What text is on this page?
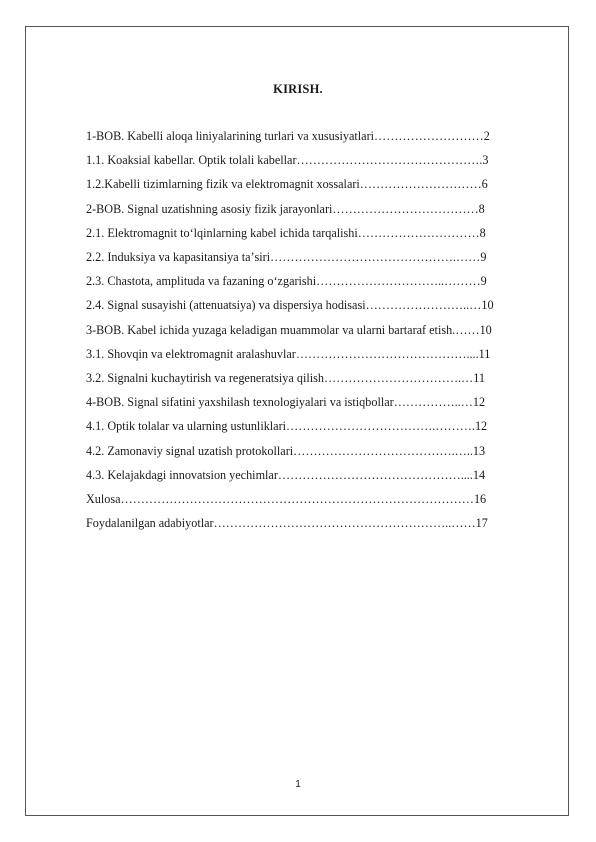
KIRISH.
1-BOB. Kabelli aloqa liniyalarining turlari va xususiyatlari………………………2
1.1. Koaksial kabellar. Optik tolali kabellar……………………………………….3
1.2.Kabelli tizimlarning fizik va elektromagnit xossalari…………………………6
2-BOB. Signal uzatishning asosiy fizik jarayonlari………………………………8
2.1. Elektromagnit toʻlqinlarning kabel ichida tarqalishi…………………………8
2.2. Induksiya va kapasitansiya taʼsiri……………………………………….……9
2.3. Chastota, amplituda va fazaning oʻzgarishi…………………………..………9
2.4. Signal susayishi (attenuatsiya) va dispersiya hodisasi……………………..…10
3-BOB. Kabel ichida yuzaga keladigan muammolar va ularni bartaraf etish.……10
3.1. Shovqin va elektromagnit aralashuvlar……………………………………....11
3.2. Signalni kuchaytirish va regeneratsiya qilish…………………………….…11
4-BOB. Signal sifatini yaxshilash texnologiyalari va istiqbollar……………..…12
4.1. Optik tolalar va ularning ustunliklari……………………………….……….12
4.2. Zamonaviy signal uzatish protokollari………………………………….…..13
4.3. Kelajakdagi innovatsion yechimlar………………………………………....14
Xulosa……………………………………………………………………………16
Foydalanilgan adabiyotlar…………………………………………………..……17
1
